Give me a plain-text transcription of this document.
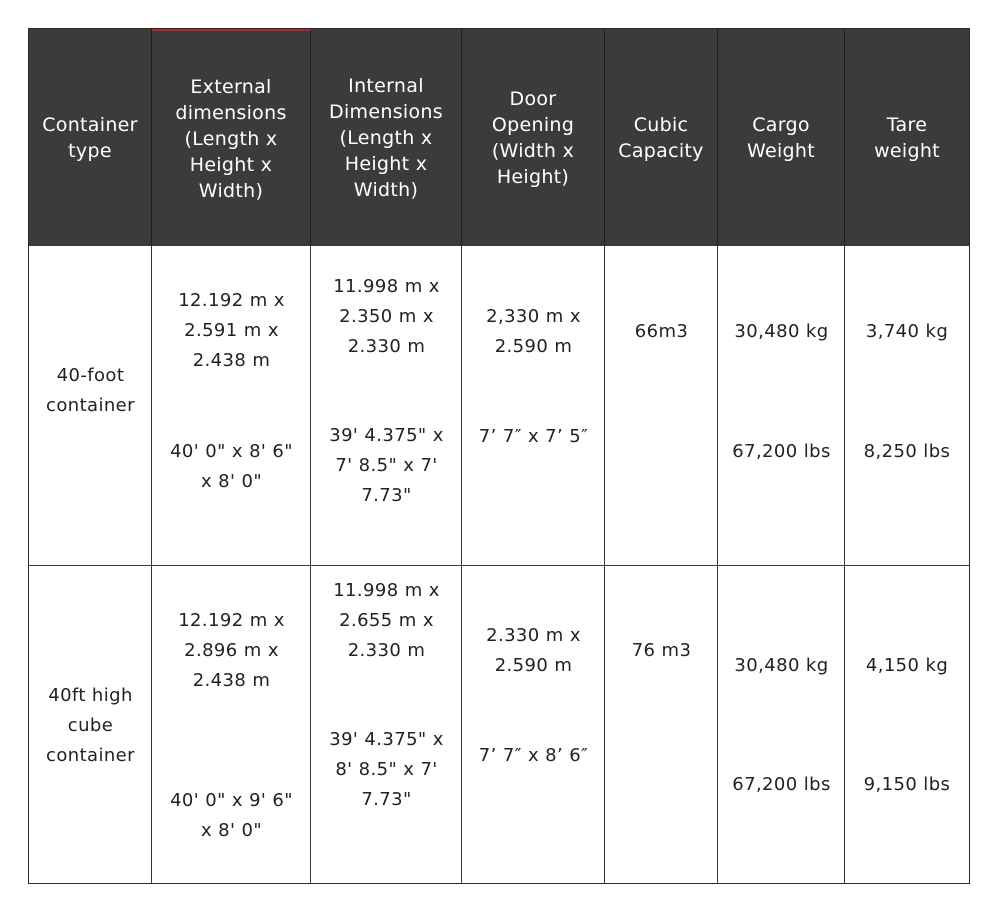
Container
type
External
dimensions
(Length x
Height x
Width)
Internal
Dimensions
(Length x
Height x
Width)
Door
Opening
(Width x
Height)
Cubic
Capacity
Cargo
Weight
Tare
weight
40-foot
container
12.192 m x
2.591 m x
2.438 m
40' 0" x 8' 6"
x 8' 0"
11.998 m x
2.350 m x
2.330 m
39' 4.375" x
7' 8.5" x 7'
7.73"
2,330 m x
2.590 m
7’ 7″ x 7’ 5″
66m3	30,480 kg
67,200 lbs
3,740 kg
8,250 lbs
40ft high
cube
container
12.192 m x
2.896 m x
2.438 m
40' 0" x 9' 6"
x 8' 0"
11.998 m x
2.655 m x
2.330 m
39' 4.375" x
8' 8.5" x 7'
7.73"
2.330 m x
2.590 m
7’ 7″ x 8’ 6″
76 m3
30,480 kg
67,200 lbs
4,150 kg
9,150 lbs
